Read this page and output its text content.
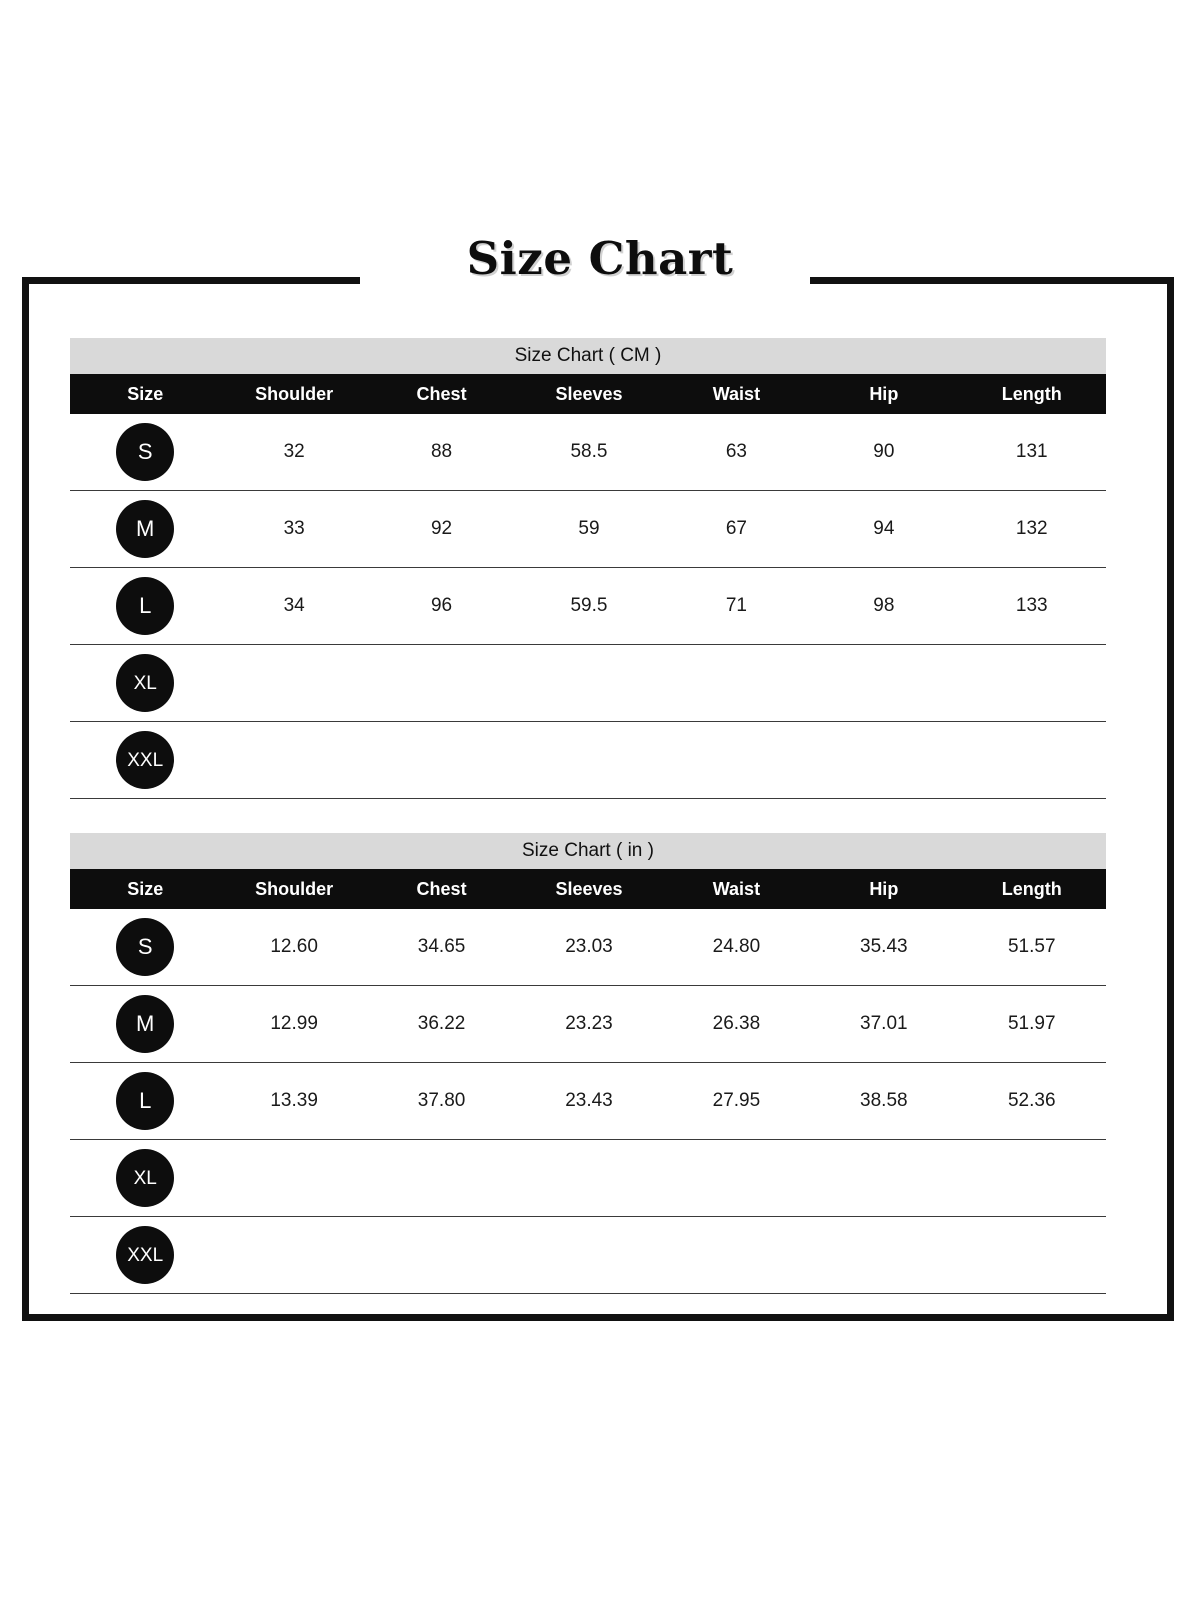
Size Chart
Size Chart ( CM )						
Size	Shoulder	Chest	Sleeves	Waist	Hip	Length
S	32	88	58.5	63	90	131
M	33	92	59	67	94	132
L	34	96	59.5	71	98	133
XL						
XXL						
Size Chart ( in )						
Size	Shoulder	Chest	Sleeves	Waist	Hip	Length
S	12.60	34.65	23.03	24.80	35.43	51.57
M	12.99	36.22	23.23	26.38	37.01	51.97
L	13.39	37.80	23.43	27.95	38.58	52.36
XL						
XXL						
